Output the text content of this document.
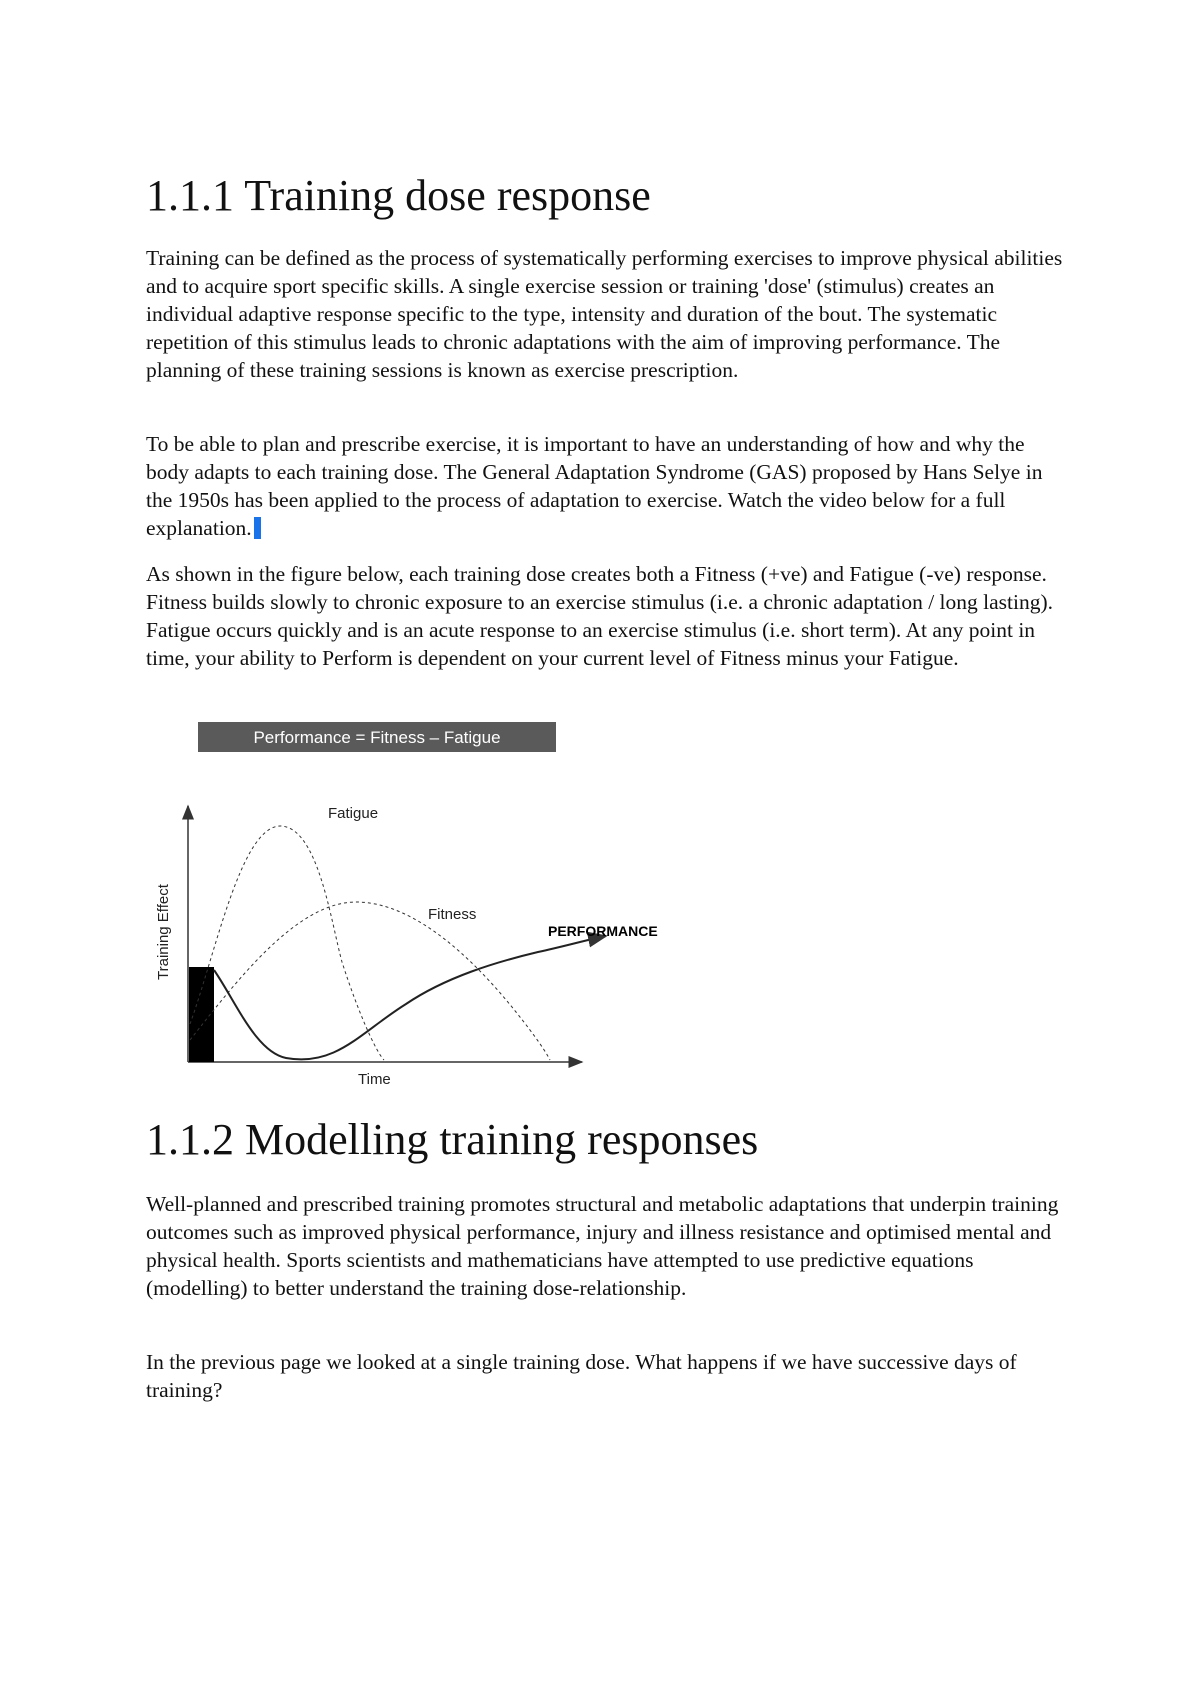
1.1.1 Training dose response

Training can be defined as the process of systematically performing exercises to improve physical abilities and to acquire sport specific skills. A single exercise session or training 'dose' (stimulus) creates an individual adaptive response specific to the type, intensity and duration of the bout. The systematic repetition of this stimulus leads to chronic adaptations with the aim of improving performance. The planning of these training sessions is known as exercise prescription.

To be able to plan and prescribe exercise, it is important to have an understanding of how and why the body adapts to each training dose. The General Adaptation Syndrome (GAS) proposed by Hans Selye in the 1950s has been applied to the process of adaptation to exercise. Watch the video below for a full explanation.

As shown in the figure below, each training dose creates both a Fitness (+ve) and Fatigue (-ve) response. Fitness builds slowly to chronic exposure to an exercise stimulus (i.e. a chronic adaptation / long lasting). Fatigue occurs quickly and is an acute response to an exercise stimulus (i.e. short term). At any point in time, your ability to Perform is dependent on your current level of Fitness minus your Fatigue.

Performance = Fitness – Fatigue
Fatigue
Fitness
PERFORMANCE
Time
Training Effect
1.1.2 Modelling training responses

Well-planned and prescribed training promotes structural and metabolic adaptations that underpin training outcomes such as improved physical performance, injury and illness resistance and optimised mental and physical health. Sports scientists and mathematicians have attempted to use predictive equations (modelling) to better understand the training dose-relationship.

In the previous page we looked at a single training dose. What happens if we have successive days of training?
